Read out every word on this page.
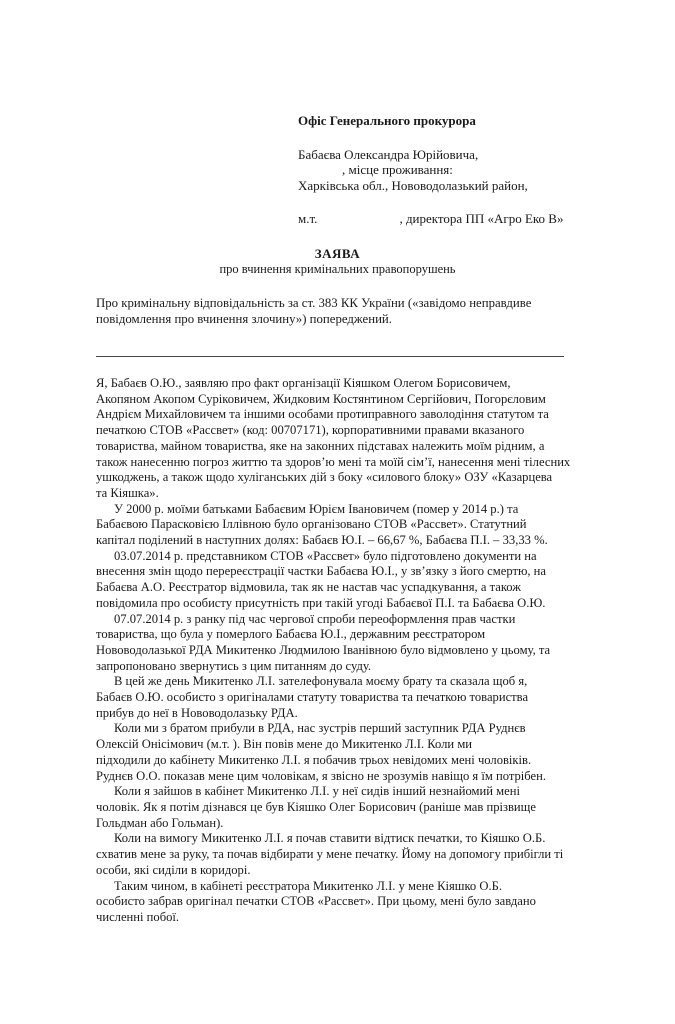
Офіс Генерального прокурора
Бабаєва Олександра Юрійовича,
, місце проживання:
Харківська обл., Нововодолазький район,
м.т.	, директора ПП «Агро Еко В»
ЗАЯВА
про вчинення кримінальних правопорушень
Про кримінальну відповідальність за ст. 383 КК України («завідомо неправдиве
повідомлення про вчинення злочину») попереджений.
Я, Бабаєв О.Ю., заявляю про факт організації Кіяшком Олегом Борисовичем,
Акопяном Акопом Суріковичем, Жидковим Костянтином Сергійович, Погорєловим
Андрієм Михайловичем та іншими особами протиправного заволодіння статутом та
печаткою СТОВ «Рассвет» (код: 00707171), корпоративними правами вказаного
товариства, майном товариства, яке на законних підставах належить моїм рідним, а
також нанесенню погроз життю та здоров’ю мені та моїй сім’ї, нанесення мені тілесних
ушкоджень, а також щодо хуліганських дій з боку «силового блоку» ОЗУ «Казарцева
та Кіяшка».
У 2000 р. моїми батьками Бабаєвим Юрієм Івановичем (помер у 2014 р.) та
Бабаєвою Парасковією Іллівною було організовано СТОВ «Рассвет». Статутний
капітал поділений в наступних долях: Бабаєв Ю.І. – 66,67 %, Бабаєва П.І. – 33,33 %.
03.07.2014 р. представником СТОВ «Рассвет» було підготовлено документи на
внесення змін щодо перереєстрації частки Бабаєва Ю.І., у зв’язку з його смертю, на
Бабаєва А.О. Реєстратор відмовила, так як не настав час успадкування, а також
повідомила про особисту присутність при такій угоді Бабаєвої П.І. та Бабаєва О.Ю.
07.07.2014 р. з ранку під час чергової спроби переоформлення прав частки
товариства, що була у померлого Бабаєва Ю.І., державним реєстратором
Нововодолазької РДА Микитенко Людмилою Іванівною було відмовлено у цьому, та
запропоновано звернутись з цим питанням до суду.
В цей же день Микитенко Л.І. зателефонувала моєму брату та сказала щоб я,
Бабаєв О.Ю. особисто з оригіналами статуту товариства та печаткою товариства
прибув до неї в Нововодолазьку РДА.
Коли ми з братом прибули в РДА, нас зустрів перший заступник РДА Руднєв
Олексій Онісімович (м.т. ). Він повів мене до Микитенко Л.І. Коли ми
підходили до кабінету Микитенко Л.І. я побачив трьох невідомих мені чоловіків.
Руднєв О.О. показав мене цим чоловікам, я звісно не зрозумів навіщо я їм потрібен.
Коли я зайшов в кабінет Микитенко Л.І. у неї сидів інший незнайомий мені
чоловік. Як я потім дізнався це був Кіяшко Олег Борисович (раніше мав прізвище
Гольдман або Гольман).
Коли на вимогу Микитенко Л.І. я почав ставити відтиск печатки, то Кіяшко О.Б.
схватив мене за руку, та почав відбирати у мене печатку. Йому на допомогу прибігли ті
особи, які сиділи в коридорі.
Таким чином, в кабінеті реєстратора Микитенко Л.І. у мене Кіяшко О.Б.
особисто забрав оригінал печатки СТОВ «Рассвет». При цьому, мені було завдано
численні побої.
